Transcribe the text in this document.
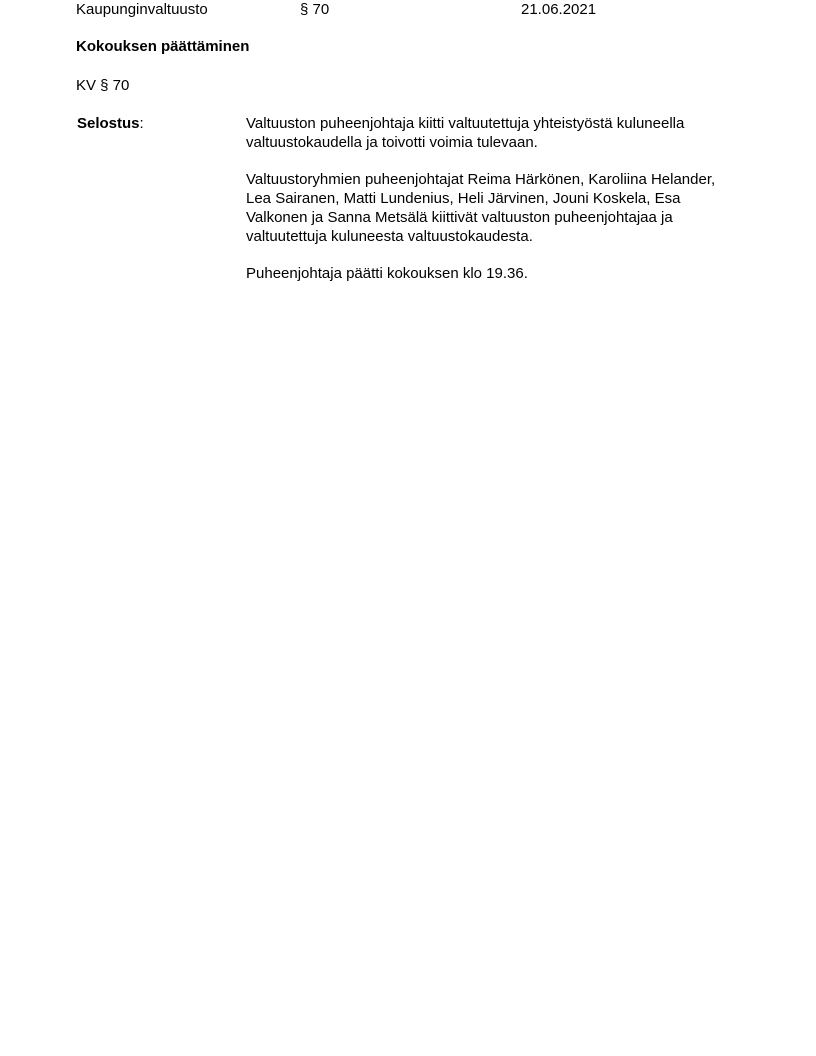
Kaupunginvaltuusto	§ 70	21.06.2021
Kokouksen päättäminen
KV § 70
Selostus:	Valtuuston puheenjohtaja kiitti valtuutettuja yhteistyöstä kuluneella valtuustokaudella ja toivotti voimia tulevaan.

Valtuustoryhmien puheenjohtajat Reima Härkönen, Karoliina Helander, Lea Sairanen, Matti Lundenius, Heli Järvinen, Jouni Koskela, Esa Valkonen ja Sanna Metsälä kiittivät valtuuston puheenjohtajaa ja valtuutettuja kuluneesta valtuustokaudesta.

Puheenjohtaja päätti kokouksen klo 19.36.
